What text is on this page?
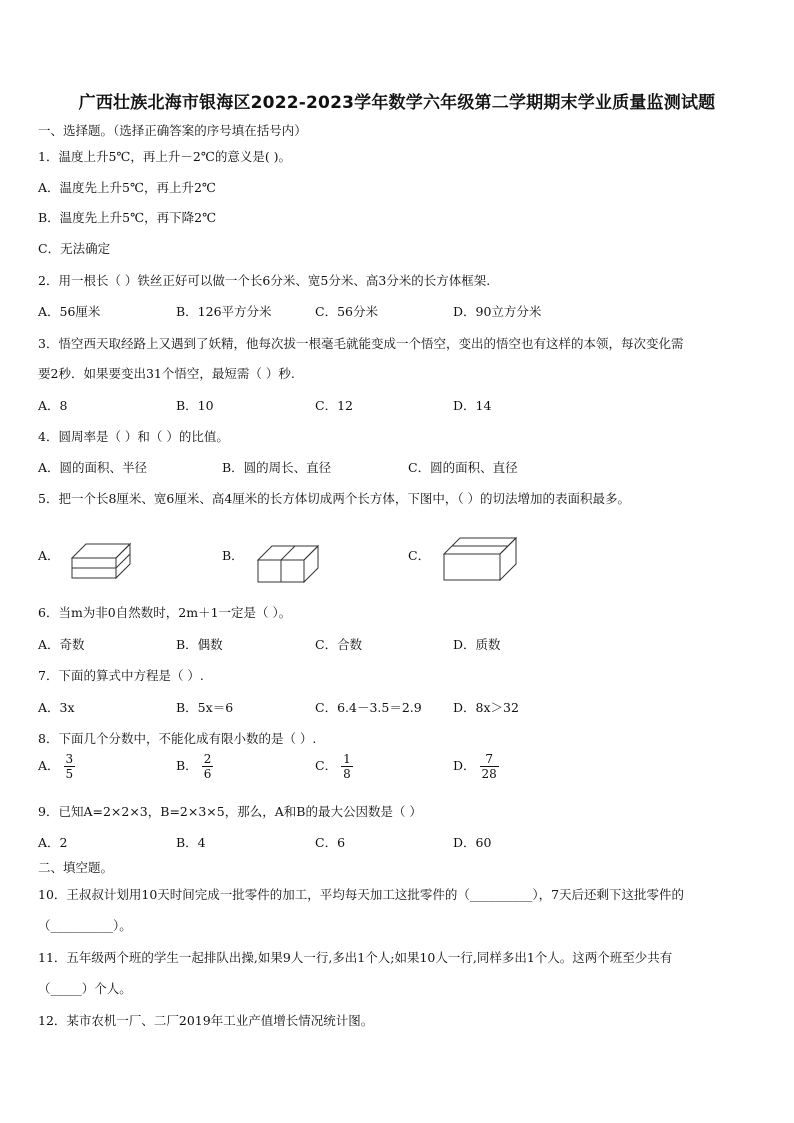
广西壮族北海市银海区2022-2023学年数学六年级第二学期期末学业质量监测试题
一、选择题。（选择正确答案的序号填在括号内）
1．温度上升5℃，再上升－2℃的意义是( )。
A．温度先上升5℃，再上升2℃
B．温度先上升5℃，再下降2℃
C．无法确定
2．用一根长（ ）铁丝正好可以做一个长6分米、宽5分米、高3分米的长方体框架.
A．56厘米	B．126平方分米	C．56分米	D．90立方分米
3．悟空西天取经路上又遇到了妖精，他每次拔一根毫毛就能变成一个悟空，变出的悟空也有这样的本领，每次变化需
要2秒．如果要变出31个悟空，最短需（ ）秒.
A．8	B．10	C．12	D．14
4．圆周率是（ ）和（ ）的比值。
A．圆的面积、半径	B．圆的周长、直径	C．圆的面积、直径
5．把一个长8厘米、宽6厘米、高4厘米的长方体切成两个长方体，下图中，（ ）的切法增加的表面积最多。
A．	B．	C．
6．当m为非0自然数时，2m＋1一定是（ ）。
A．奇数	B．偶数	C．合数	D．质数
7．下面的算式中方程是（ ）.
A．3x	B．5x＝6	C．6.4－3.5＝2.9	D．8x＞32
8．下面几个分数中，不能化成有限小数的是（ ）.
A． $\frac{3}{5}$	B． $\frac{2}{6}$	C． $\frac{1}{8}$	D． $\frac{7}{28}$
9．已知A=2×2×3，B=2×3×5，那么，A和B的最大公因数是（ ）
A．2	B．4	C．6	D．60
二、填空题。
10．王叔叔计划用10天时间完成一批零件的加工，平均每天加工这批零件的（__________），7天后还剩下这批零件的
（__________）。
11．五年级两个班的学生一起排队出操,如果9人一行,多出1个人;如果10人一行,同样多出1个人。这两个班至少共有
（_____）个人。
12．某市农机一厂、二厂2019年工业产值增长情况统计图。
